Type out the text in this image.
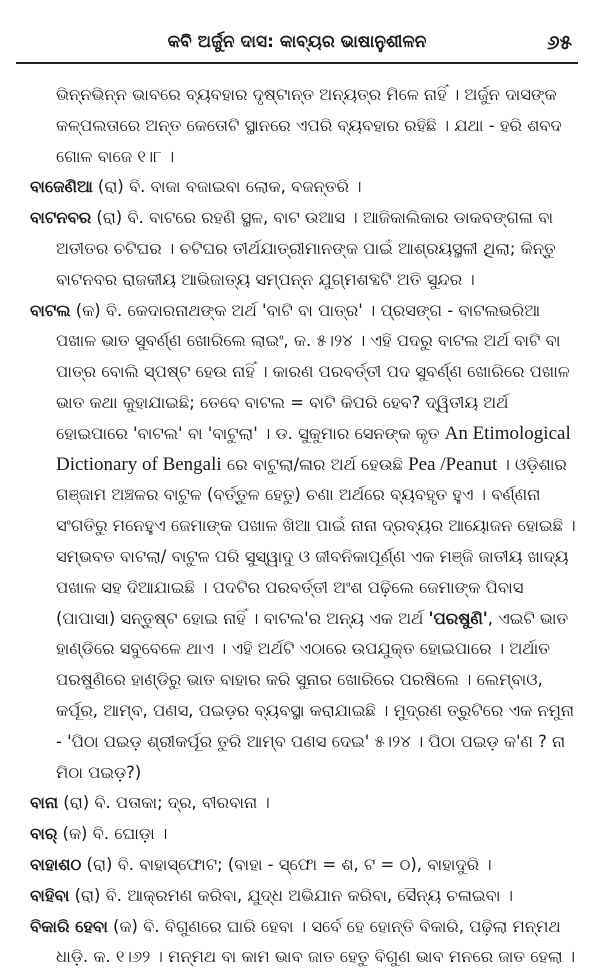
କବି ଅର୍ଜୁନ ଦାସ: କାବ୍ୟର ଭାଷାନୁଶୀଳନ	୬୫

ଭିନ୍ନଭିନ୍ନ ଭାବରେ ବ୍ୟବହାର ଦୃଷ୍ଟାନ୍ତ ଅନ୍ୟତ୍ର ମିଳେ ନାହିଁ । ଅର୍ଜୁନ ଦାସଙ୍କ କଳ୍ପଲତାରେ ଅନ୍ତ କେତୋଟି ସ୍ଥାନରେ ଏପରି ବ୍ୟବହାର ରହିଛି । ଯଥା - ହରି ଶବଦ ଗୋଳ ବାଜେ ୧।୮ ।

ବାଜେଣିଆ (ରା) ବି. ବାଜା ବଜାଇବା ଲୋକ, ବଜନ୍ତରି ।

ବାଟନବର (ରା) ବି. ବାଟରେ ରହଣି ସ୍ଥଳ, ବାଟ ଉଆସ । ଆଜିକାଲିକାର ଡାକବଙ୍ଗଳା ବା ଅତୀତର ଚଟିଘର । ଚଟିଘର ତୀର୍ଥଯାତ୍ରୀମାନଙ୍କ ପାଇଁ ଆଶ୍ରୟସ୍ଥଳୀ ଥିଲା; କିନ୍ତୁ ବାଟନବର ରାଜକୀୟ ଆଭିଜାତ୍ୟ ସମ୍ପନ୍ନ ଯୁଗ୍ମଶବ୍ଦଟି ଅତି ସୁନ୍ଦର ।

ବାଟଲ (କ) ବି. କେଦାରନାଥଙ୍କ ଅର୍ଥ 'ବାଟି ବା ପାତ୍ର' । ପ୍ରସଙ୍ଗ - ବାଟଲଭରିଆ ପଖାଳ ଭାତ ସୁବର୍ଣ୍ଣ ଖୋରିଲେ ଲାଇଂ, କ. ୫।୨୪ । ଏହି ପଦରୁ ବାଟଲ ଅର୍ଥ ବାଟି ବା ପାତ୍ର ବୋଲି ସ୍ପଷ୍ଟ ହେଉ ନାହିଁ । କାରଣ ପରବର୍ତ୍ତୀ ପଦ ସୁବର୍ଣ୍ଣ ଖୋରିରେ ପଖାଳ ଭାତ କଥା କୁହାଯାଇଛି; ତେବେ ବାଟଲ = ବାଟି କିପରି ହେବ? ଦ୍ୱିତୀୟ ଅର୍ଥ ହୋଇପାରେ 'ବାଟଲ' ବା 'ବାଟୁଲା' । ଡ. ସୁକୁମାର ସେନଙ୍କ କୃତ An Etimological Dictionary of Bengali ରେ ବାଟୁଲା/ଳାର ଅର୍ଥ ହେଉଛି Pea /Peanut । ଓଡ଼ିଶାର ଗଞ୍ଜାମ ଅଞ୍ଚଳର ବାଟୁଳ (ବର୍ତ୍ତୁଳ ହେତୁ) ଚଣା ଅର୍ଥରେ ବ୍ୟବହୃତ ହୁଏ । ବର୍ଣ୍ଣନା ସଂଗତିରୁ ମନେହୁଏ ଜେମାଙ୍କ ପଖାଳ ଖିଆ ପାଇଁ ନାନା ଦ୍ରବ୍ୟର ଆୟୋଜନ ହୋଇଛି । ସମ୍ଭବତ ବାଟଲା/ ବାଟୁଳ ପରି ସୁସ୍ୱାଦୁ ଓ ଜୀବନିକାପୂର୍ଣ୍ଣ ଏକ ମଞ୍ଜି ଜାତୀୟ ଖାଦ୍ୟ ପଖାଳ ସହ ଦିଆଯାଇଛି । ପଦଟିର ପରବର୍ତ୍ତୀ ଅଂଶ ପଢ଼ିଲେ ଜେମାଙ୍କ ପିବାସ (ପାପାସା) ସନ୍ତୁଷ୍ଟ ହୋଇ ନାହିଁ । ବାଟଲ'ର ଅନ୍ୟ ଏକ ଅର୍ଥ 'ପରଷୁଣି', ଏଇଟି ଭାତ ହାଣ୍ଡିରେ ସବୁବେଳେ ଥାଏ । ଏହି ଅର୍ଥଟି ଏଠାରେ ଉପଯୁକ୍ତ ହୋଇପାରେ । ଅର୍ଥାତ ପରଷୁଣିରେ ହାଣ୍ଡିରୁ ଭାତ ବାହାର କରି ସୁନାର ଖୋରିରେ ପରଷିଲେ । ଲେମ୍ବାଓ, କର୍ପୂର, ଆମ୍ବ, ପଣସ, ପଇଡ଼ର ବ୍ୟବସ୍ଥା କରାଯାଇଛି । ମୁଦ୍ରଣ ତ୍ରୁଟିରେ ଏକ ନମୁନା - 'ପିଠା ପଇଡ଼ ଶ୍ରୀକର୍ପୂର ତୁରି ଆମ୍ବ ପଣସ ଦେଇ' ୫।୨୪ । ପିଠା ପଇଡ଼ କ'ଣ ? ନା ମିଠା ପଇଡ଼?)

ବାନା (ରା) ବି. ପତାକା; ଦ୍ର, ବୀରବାନା ।

ବାର୍ (କ) ବି. ଘୋଡ଼ା ।

ବାହାଶଠ (ରା) ବି. ବାହାସ୍ଫୋଟ; (ବାହା - ସ୍ଫୋ = ଶ, ଟ = ଠ), ବାହାଦୁରି ।

ବାହିବା (ରା) ବି. ଆକ୍ରମଣ କରିବା, ଯୁଦ୍ଧ ଅଭିଯାନ କରିବା, ସୈନ୍ୟ ଚଳାଇବା ।

ବିକାରି ହେବା (କ) ବି. ବିଗୁଣରେ ଘାରି ହେବା । ସର୍ବେ ହେ ହୋନ୍ତି ବିକାରି, ପଢ଼ିଲା ମନ୍ମଥ ଧାଡ଼ି. କ. ୧।୬୨ । ମନ୍ମଥ ବା କାମ ଭାବ ଜାତ ହେତୁ ବିଗୁଣ ଭାବ ମନରେ ଜାତ ହେଲା ।
